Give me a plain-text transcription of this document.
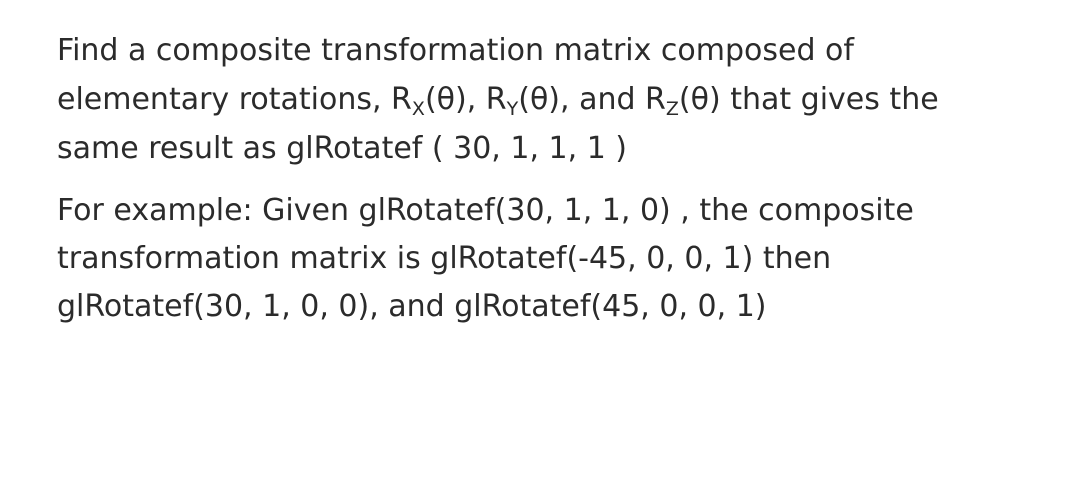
Find a composite transformation matrix composed of
elementary rotations, $R_X(\theta)$, $R_Y(\theta)$, and $R_Z(\theta)$ that gives the
same result as glRotatef ( 30, 1, 1, 1 )

For example: Given glRotatef(30, 1, 1, 0) , the composite
transformation matrix is glRotatef(-45, 0, 0, 1) then
glRotatef(30, 1, 0, 0), and glRotatef(45, 0, 0, 1)
